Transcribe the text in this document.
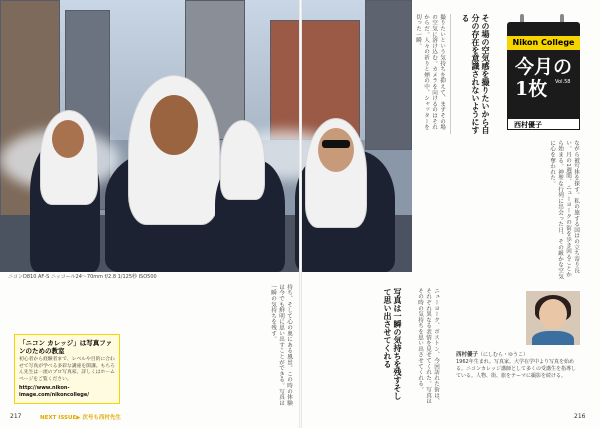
ニコンD810 AF-S ニッコール24〜70mm f/2.8 1/125秒 ISO500
Nikon College
今月の
1枚	Vol.58
西村優子
その場の空気感を撮りたいから自分の存在を意識されないようにする
撮りたいという気持ちを抑えて、まずその場の空気に溶け込む。カメラを向けるのはそれからだ。人々の祈りと煙の中、シャッターを切った一瞬。
ながら被写体を探す。私の旅する国はの立ち寄り長い。月の1週間、ニューヨークの街を歩き回ることから始まる。神聖な行列に出会った日、その厳かな空気に心を奪われた。
西村優子（にしむら・ゆうこ）
1962年生まれ。写真家。大学在学中より写真を始める。ニコンカレッジ講師として多くの受講生を指導している。人物、街、旅をテーマに撮影を続ける。
ニューヨーク、ボストン、今回訪れた街は、それぞれ異なる表情を見せてくれた。写真はその時の気持ちを思い出させてくれる。
写真は一瞬の気持ちを残すそして思い出させてくれる
持ち、そして心の奥にある風景。この時の体験は今でも鮮明に思い出すことができる。写真は一瞬の気持ちを残す。
「ニコン カレッジ」は写真ファンのための教室
初心者から経験者まで、レベルや目的に合わせて写真が学べる多彩な講座を開講。もちろん先生は一流のプロ写真家。詳しくはホームページをご覧ください。
http://www.nikon-image.com/nikoncollege/
217	NEXT ISSUE▶ 次号も西村先生	216
